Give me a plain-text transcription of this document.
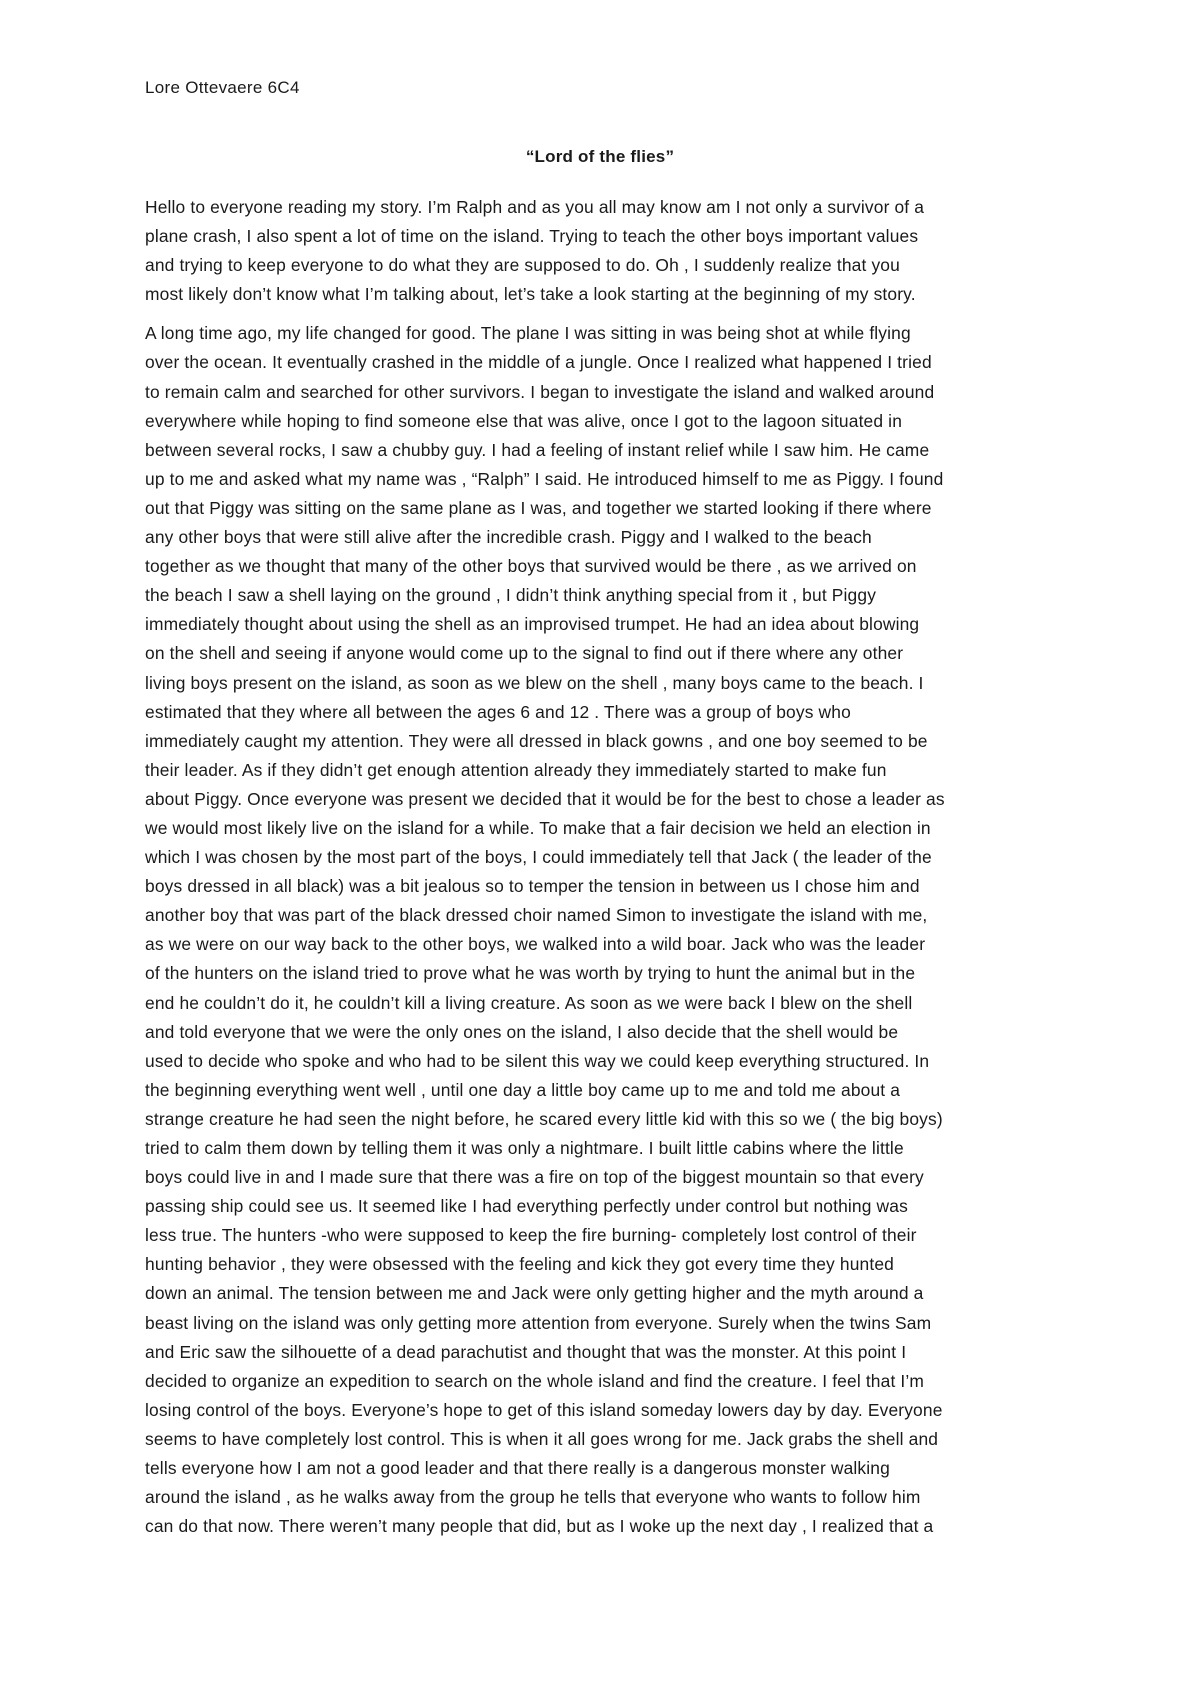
Lore Ottevaere 6C4
“Lord of the flies”
Hello to everyone reading my story. I’m Ralph and as you all may know am I not only a survivor of a
plane crash, I also spent a lot of time on the island. Trying to teach the other boys important values
and trying to keep everyone to do what they are supposed to do. Oh , I suddenly realize that you
most likely don’t know what I’m talking about, let’s take a look starting at the beginning of my story.
A long time ago, my life changed for good. The plane I was sitting in was being shot at while flying
over the ocean. It eventually crashed in the middle of a jungle. Once I realized what happened I tried
to remain calm and searched for other survivors. I began to investigate the island and walked around
everywhere while hoping to find someone else that was alive, once I got to the lagoon situated in
between several rocks, I saw a chubby guy. I had a feeling of instant relief while I saw him. He came
up to me and asked what my name was , “Ralph” I said. He introduced himself to me as Piggy. I found
out that Piggy was sitting on the same plane as I was, and together we started looking if there where
any other boys that were still alive after the incredible crash. Piggy and I walked to the beach
together as we thought that many of the other boys that survived would be there , as we arrived on
the beach I saw a shell laying on the ground , I didn’t think anything special from it , but Piggy
immediately thought about using the shell as an improvised trumpet. He had an idea about blowing
on the shell and seeing if anyone would come up to the signal to find out if there where any other
living boys present on the island, as soon as we blew on the shell , many boys came to the beach. I
estimated that they where all between the ages 6 and 12 . There was a group of boys who
immediately caught my attention. They were all dressed in black gowns , and one boy seemed to be
their leader. As if they didn’t get enough attention already they immediately started to make fun
about Piggy. Once everyone was present we decided that it would be for the best to chose a leader as
we would most likely live on the island for a while. To make that a fair decision we held an election in
which I was chosen by the most part of the boys, I could immediately tell that Jack ( the leader of the
boys dressed in all black) was a bit jealous so to temper the tension in between us I chose him and
another boy that was part of the black dressed choir named Simon to investigate the island with me,
as we were on our way back to the other boys, we walked into a wild boar. Jack who was the leader
of the hunters on the island tried to prove what he was worth by trying to hunt the animal but in the
end he couldn’t do it, he couldn’t kill a living creature. As soon as we were back I blew on the shell
and told everyone that we were the only ones on the island, I also decide that the shell would be
used to decide who spoke and who had to be silent this way we could keep everything structured. In
the beginning everything went well , until one day a little boy came up to me and told me about a
strange creature he had seen the night before, he scared every little kid with this so we ( the big boys)
tried to calm them down by telling them it was only a nightmare. I built little cabins where the little
boys could live in and I made sure that there was a fire on top of the biggest mountain so that every
passing ship could see us. It seemed like I had everything perfectly under control but nothing was
less true. The hunters -who were supposed to keep the fire burning- completely lost control of their
hunting behavior , they were obsessed with the feeling and kick they got every time they hunted
down an animal. The tension between me and Jack were only getting higher and the myth around a
beast living on the island was only getting more attention from everyone. Surely when the twins Sam
and Eric saw the silhouette of a dead parachutist and thought that was the monster. At this point I
decided to organize an expedition to search on the whole island and find the creature. I feel that I’m
losing control of the boys. Everyone’s hope to get of this island someday lowers day by day. Everyone
seems to have completely lost control. This is when it all goes wrong for me. Jack grabs the shell and
tells everyone how I am not a good leader and that there really is a dangerous monster walking
around the island , as he walks away from the group he tells that everyone who wants to follow him
can do that now. There weren’t many people that did, but as I woke up the next day , I realized that a
